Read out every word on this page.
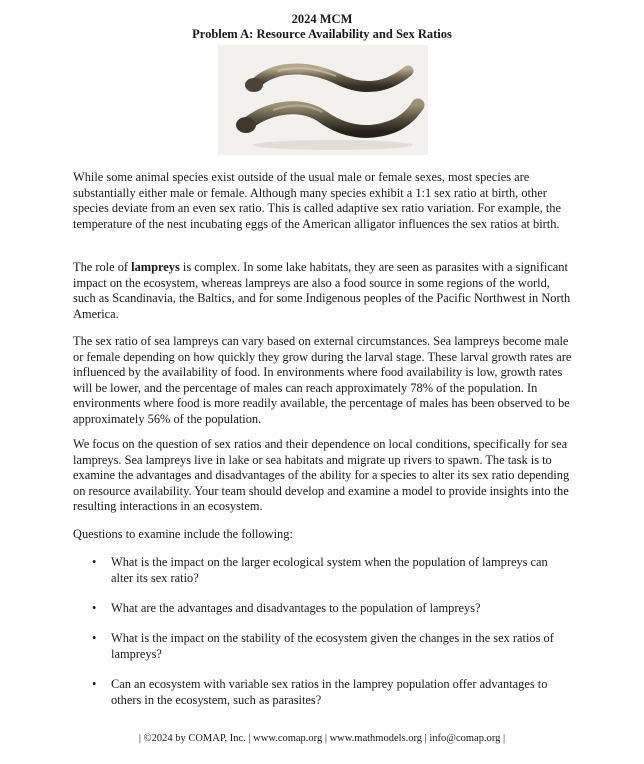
2024 MCM
Problem A: Resource Availability and Sex Ratios

While some animal species exist outside of the usual male or female sexes, most species are substantially either male or female. Although many species exhibit a 1:1 sex ratio at birth, other species deviate from an even sex ratio. This is called adaptive sex ratio variation. For example, the temperature of the nest incubating eggs of the American alligator influences the sex ratios at birth.

The role of lampreys is complex. In some lake habitats, they are seen as parasites with a significant impact on the ecosystem, whereas lampreys are also a food source in some regions of the world, such as Scandinavia, the Baltics, and for some Indigenous peoples of the Pacific Northwest in North America.

The sex ratio of sea lampreys can vary based on external circumstances. Sea lampreys become male or female depending on how quickly they grow during the larval stage. These larval growth rates are influenced by the availability of food. In environments where food availability is low, growth rates will be lower, and the percentage of males can reach approximately 78% of the population. In environments where food is more readily available, the percentage of males has been observed to be approximately 56% of the population.

We focus on the question of sex ratios and their dependence on local conditions, specifically for sea lampreys. Sea lampreys live in lake or sea habitats and migrate up rivers to spawn. The task is to examine the advantages and disadvantages of the ability for a species to alter its sex ratio depending on resource availability. Your team should develop and examine a model to provide insights into the resulting interactions in an ecosystem.

Questions to examine include the following:

•	What is the impact on the larger ecological system when the population of lampreys can alter its sex ratio?
•	What are the advantages and disadvantages to the population of lampreys?
•	What is the impact on the stability of the ecosystem given the changes in the sex ratios of lampreys?
•	Can an ecosystem with variable sex ratios in the lamprey population offer advantages to others in the ecosystem, such as parasites?
| ©2024 by COMAP, Inc. | www.comap.org | www.mathmodels.org | info@comap.org |
